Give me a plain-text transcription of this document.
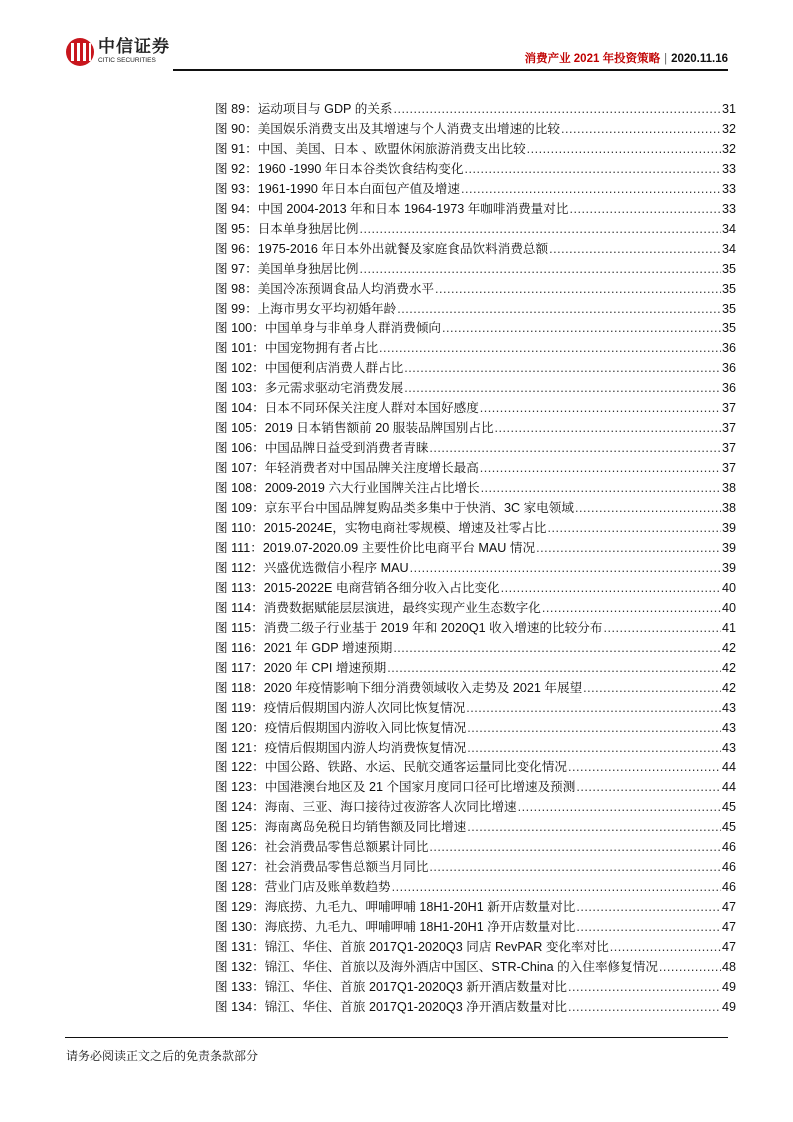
中信证券
CITIC SECURITIES	消费产业 2021 年投资策略 | 2020.11.16
图 89：运动项目与 GDP 的关系 .....	31
图 90：美国娱乐消费支出及其增速与个人消费支出增速的比较 .....	32
图 91：中国、美国、日本 、欧盟休闲旅游消费支出比较 .....	32
图 92：1960 -1990 年日本谷类饮食结构变化 .....	33
图 93：1961-1990 年日本白面包产值及增速 .....	33
图 94：中国 2004-2013 年和日本 1964-1973 年咖啡消费量对比 .....	33
图 95：日本单身独居比例 .....	34
图 96：1975-2016 年日本外出就餐及家庭食品饮料消费总额 .....	34
图 97：美国单身独居比例 .....	35
图 98：美国冷冻预调食品人均消费水平 .....	35
图 99：上海市男女平均初婚年龄 .....	35
图 100：中国单身与非单身人群消费倾向 .....	35
图 101：中国宠物拥有者占比 .....	36
图 102：中国便利店消费人群占比 .....	36
图 103：多元需求驱动宅消费发展 .....	36
图 104：日本不同环保关注度人群对本国好感度 .....	37
图 105：2019 日本销售额前 20 服装品牌国别占比 .....	37
图 106：中国品牌日益受到消费者青睐 .....	37
图 107：年轻消费者对中国品牌关注度增长最高 .....	37
图 108：2009-2019 六大行业国牌关注占比增长 .....	38
图 109：京东平台中国品牌复购品类多集中于快消、3C 家电领域 .....	38
图 110：2015-2024E，实物电商社零规模、增速及社零占比 .....	39
图 111：2019.07-2020.09 主要性价比电商平台 MAU 情况 .....	39
图 112：兴盛优选微信小程序 MAU .....	39
图 113：2015-2022E 电商营销各细分收入占比变化 .....	40
图 114：消费数据赋能层层演进，最终实现产业生态数字化 .....	40
图 115：消费二级子行业基于 2019 年和 2020Q1 收入增速的比较分布 .....	41
图 116：2021 年 GDP 增速预期 .....	42
图 117：2020 年 CPI 增速预期 .....	42
图 118：2020 年疫情影响下细分消费领域收入走势及 2021 年展望 .....	42
图 119：疫情后假期国内游人次同比恢复情况 .....	43
图 120：疫情后假期国内游收入同比恢复情况 .....	43
图 121：疫情后假期国内游人均消费恢复情况 .....	43
图 122：中国公路、铁路、水运、民航交通客运量同比变化情况 .....	44
图 123：中国港澳台地区及 21 个国家月度同口径可比增速及预测 .....	44
图 124：海南、三亚、海口接待过夜游客人次同比增速 .....	45
图 125：海南离岛免税日均销售额及同比增速 .....	45
图 126：社会消费品零售总额累计同比 .....	46
图 127：社会消费品零售总额当月同比 .....	46
图 128：营业门店及账单数趋势 .....	46
图 129：海底捞、九毛九、呷哺呷哺 18H1-20H1 新开店数量对比 .....	47
图 130：海底捞、九毛九、呷哺呷哺 18H1-20H1 净开店数量对比 .....	47
图 131：锦江、华住、首旅 2017Q1-2020Q3 同店 RevPAR 变化率对比 .....	47
图 132：锦江、华住、首旅以及海外酒店中国区、STR-China 的入住率修复情况 .....	48
图 133：锦江、华住、首旅 2017Q1-2020Q3 新开酒店数量对比 .....	49
图 134：锦江、华住、首旅 2017Q1-2020Q3 净开酒店数量对比 .....	49
请务必阅读正文之后的免责条款部分
